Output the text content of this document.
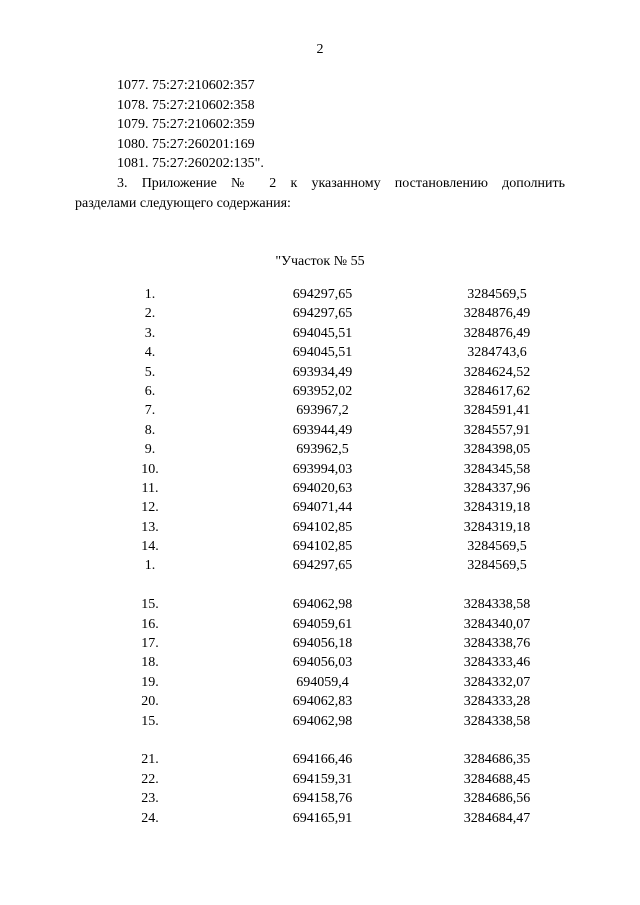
2
1077. 75:27:210602:357
1078. 75:27:210602:358
1079. 75:27:210602:359
1080. 75:27:260201:169
1081. 75:27:260202:135".
3. Приложение № 2 к указанному постановлению дополнить
разделами следующего содержания:
"Участок № 55
1.	694297,65	3284569,5
2.	694297,65	3284876,49
3.	694045,51	3284876,49
4.	694045,51	3284743,6
5.	693934,49	3284624,52
6.	693952,02	3284617,62
7.	693967,2	3284591,41
8.	693944,49	3284557,91
9.	693962,5	3284398,05
10.	693994,03	3284345,58
11.	694020,63	3284337,96
12.	694071,44	3284319,18
13.	694102,85	3284319,18
14.	694102,85	3284569,5
1.	694297,65	3284569,5
15.	694062,98	3284338,58
16.	694059,61	3284340,07
17.	694056,18	3284338,76
18.	694056,03	3284333,46
19.	694059,4	3284332,07
20.	694062,83	3284333,28
15.	694062,98	3284338,58
21.	694166,46	3284686,35
22.	694159,31	3284688,45
23.	694158,76	3284686,56
24.	694165,91	3284684,47
